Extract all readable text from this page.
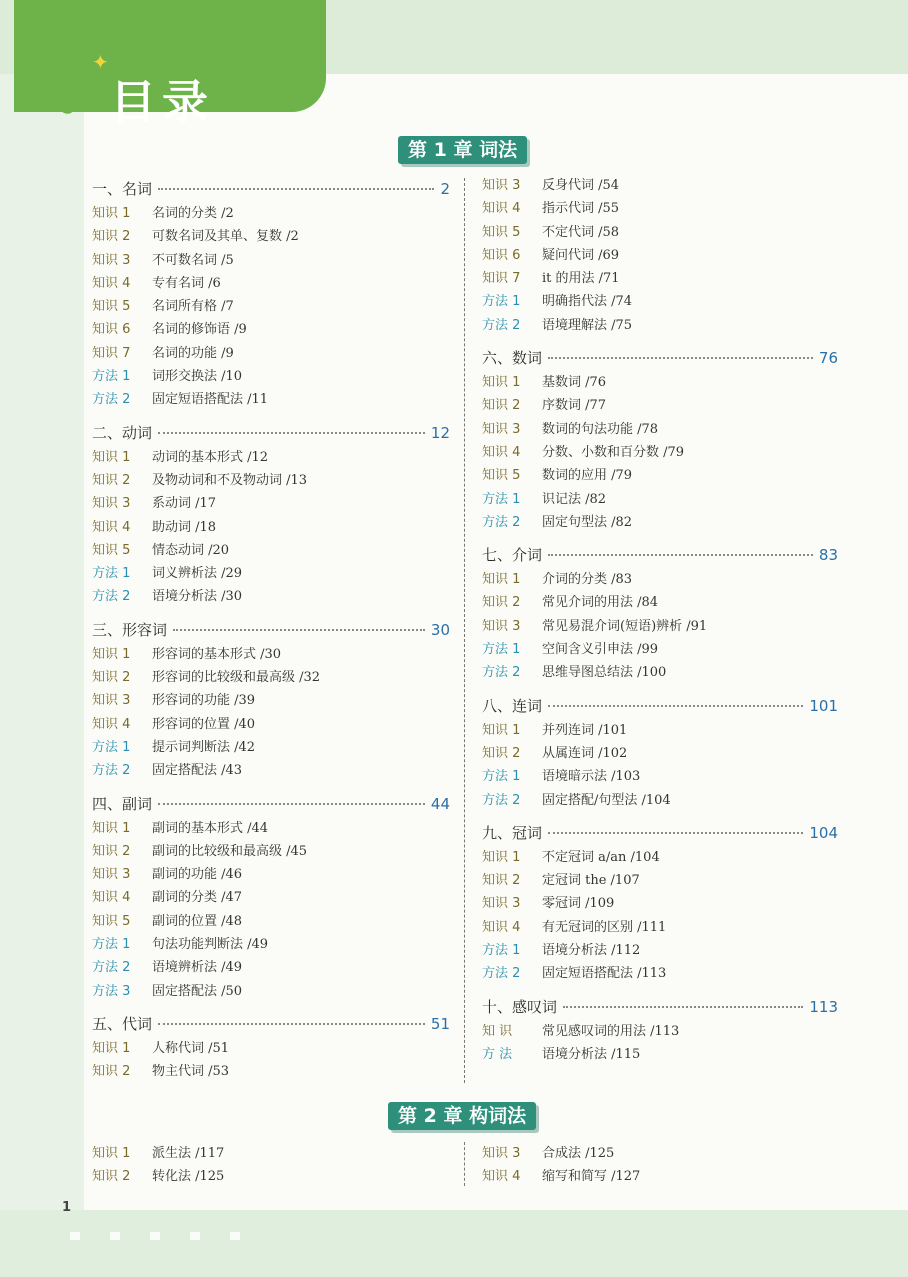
✦
目录
第 1 章 词法
一、名词	2
知识 1 名词的分类 /2
知识 2 可数名词及其单、复数 /2
知识 3 不可数名词 /5
知识 4 专有名词 /6
知识 5 名词所有格 /7
知识 6 名词的修饰语 /9
知识 7 名词的功能 /9
方法 1 词形交换法 /10
方法 2 固定短语搭配法 /11
二、动词	12
知识 1 动词的基本形式 /12
知识 2 及物动词和不及物动词 /13
知识 3 系动词 /17
知识 4 助动词 /18
知识 5 情态动词 /20
方法 1 词义辨析法 /29
方法 2 语境分析法 /30
三、形容词	30
知识 1 形容词的基本形式 /30
知识 2 形容词的比较级和最高级 /32
知识 3 形容词的功能 /39
知识 4 形容词的位置 /40
方法 1 提示词判断法 /42
方法 2 固定搭配法 /43
四、副词	44
知识 1 副词的基本形式 /44
知识 2 副词的比较级和最高级 /45
知识 3 副词的功能 /46
知识 4 副词的分类 /47
知识 5 副词的位置 /48
方法 1 句法功能判断法 /49
方法 2 语境辨析法 /49
方法 3 固定搭配法 /50
五、代词	51
知识 1 人称代词 /51
知识 2 物主代词 /53
知识 3 反身代词 /54
知识 4 指示代词 /55
知识 5 不定代词 /58
知识 6 疑问代词 /69
知识 7 it 的用法 /71
方法 1 明确指代法 /74
方法 2 语境理解法 /75
六、数词	76
知识 1 基数词 /76
知识 2 序数词 /77
知识 3 数词的句法功能 /78
知识 4 分数、小数和百分数 /79
知识 5 数词的应用 /79
方法 1 识记法 /82
方法 2 固定句型法 /82
七、介词	83
知识 1 介词的分类 /83
知识 2 常见介词的用法 /84
知识 3 常见易混介词(短语)辨析 /91
方法 1 空间含义引申法 /99
方法 2 思维导图总结法 /100
八、连词	101
知识 1 并列连词 /101
知识 2 从属连词 /102
方法 1 语境暗示法 /103
方法 2 固定搭配/句型法 /104
九、冠词	104
知识 1 不定冠词 a/an /104
知识 2 定冠词 the /107
知识 3 零冠词 /109
知识 4 有无冠词的区别 /111
方法 1 语境分析法 /112
方法 2 固定短语搭配法 /113
十、感叹词	113
知 识 常见感叹词的用法 /113
方 法 语境分析法 /115
第 2 章 构词法
知识 1 派生法 /117
知识 2 转化法 /125
知识 3 合成法 /125
知识 4 缩写和简写 /127
1
